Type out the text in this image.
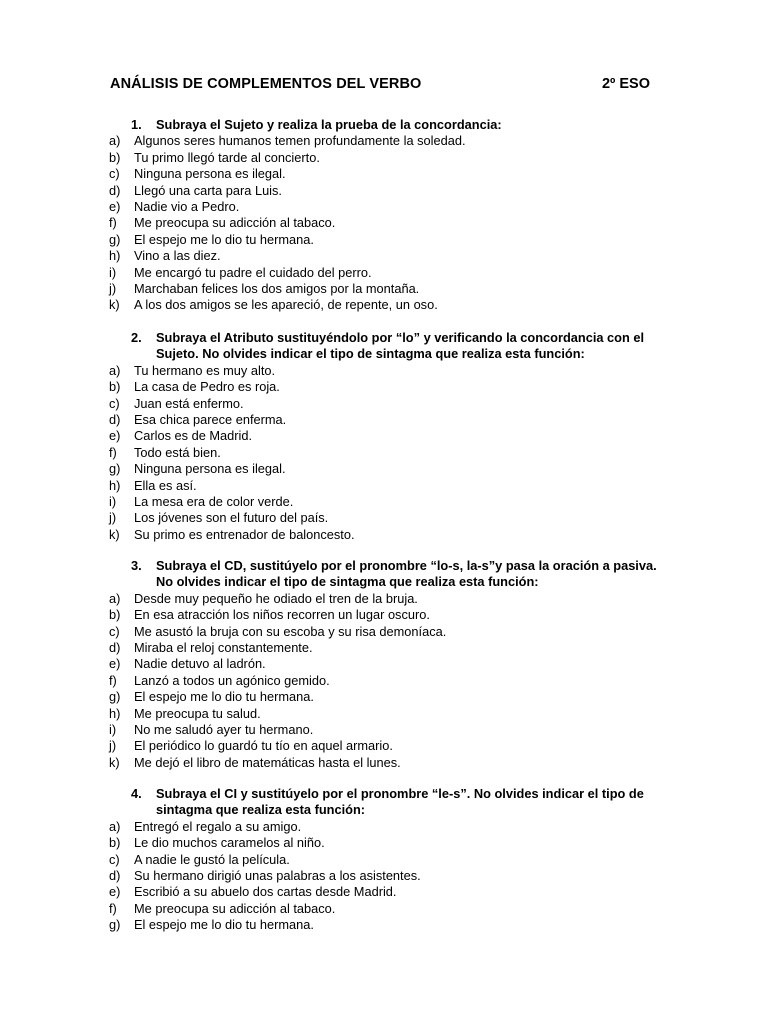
ANÁLISIS DE COMPLEMENTOS DEL VERBO	2º ESO
1. Subraya el Sujeto y realiza la prueba de la concordancia:
a) Algunos seres humanos temen profundamente la soledad.
b) Tu primo llegó tarde al concierto.
c) Ninguna persona es ilegal.
d) Llegó una carta para Luis.
e) Nadie vio a Pedro.
f) Me preocupa su adicción al tabaco.
g) El espejo me lo dio tu hermana.
h) Vino a las diez.
i) Me encargó tu padre el cuidado del perro.
j) Marchaban felices los dos amigos por la montaña.
k) A los dos amigos se les apareció, de repente, un oso.
2. Subraya el Atributo sustituyéndolo por “lo” y verificando la concordancia con el Sujeto. No olvides indicar el tipo de sintagma que realiza esta función:
a) Tu hermano es muy alto.
b) La casa de Pedro es roja.
c) Juan está enfermo.
d) Esa chica parece enferma.
e) Carlos es de Madrid.
f) Todo está bien.
g) Ninguna persona es ilegal.
h) Ella es así.
i) La mesa era de color verde.
j) Los jóvenes son el futuro del país.
k) Su primo es entrenador de baloncesto.
3. Subraya el CD, sustitúyelo por el pronombre “lo-s, la-s”y pasa la oración a pasiva. No olvides indicar el tipo de sintagma que realiza esta función:
a) Desde muy pequeño he odiado el tren de la bruja.
b) En esa atracción los niños recorren un lugar oscuro.
c) Me asustó la bruja con su escoba y su risa demoníaca.
d) Miraba el reloj constantemente.
e) Nadie detuvo al ladrón.
f) Lanzó a todos un agónico gemido.
g) El espejo me lo dio tu hermana.
h) Me preocupa tu salud.
i) No me saludó ayer tu hermano.
j) El periódico lo guardó tu tío en aquel armario.
k) Me dejó el libro de matemáticas hasta el lunes.
4. Subraya el CI y sustitúyelo por el pronombre “le-s”. No olvides indicar el tipo de sintagma que realiza esta función:
a) Entregó el regalo a su amigo.
b) Le dio muchos caramelos al niño.
c) A nadie le gustó la película.
d) Su hermano dirigió unas palabras a los asistentes.
e) Escribió a su abuelo dos cartas desde Madrid.
f) Me preocupa su adicción al tabaco.
g) El espejo me lo dio tu hermana.
